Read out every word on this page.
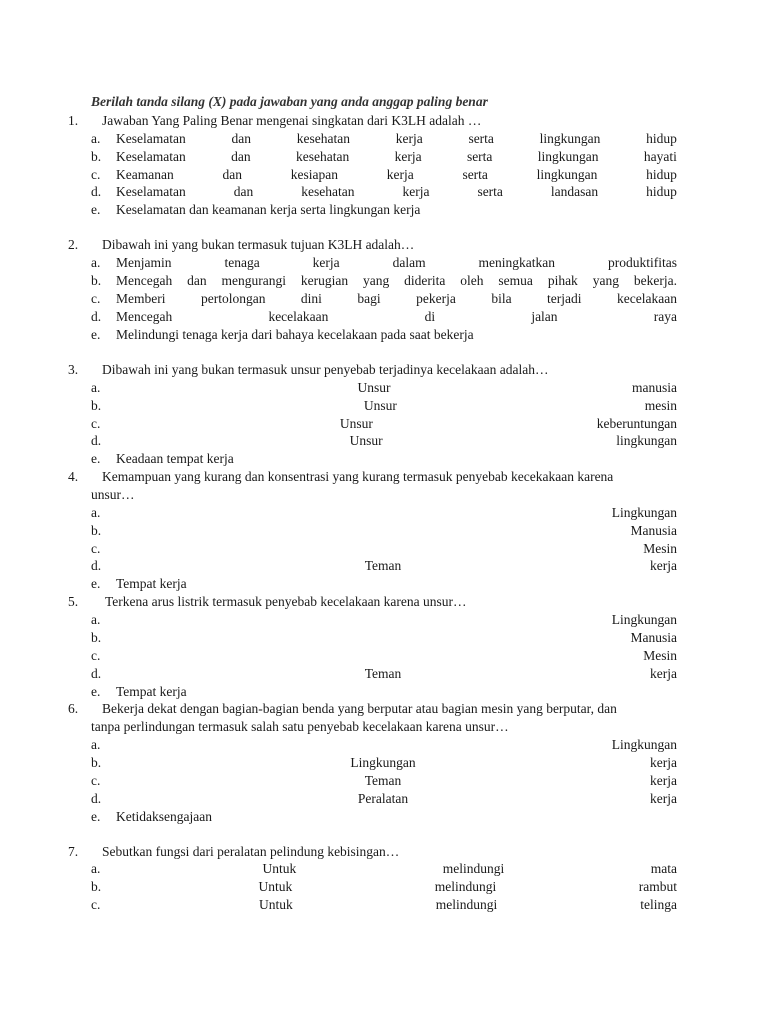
Berilah tanda silang (X) pada jawaban yang anda anggap paling benar
1. Jawaban Yang Paling Benar mengenai singkatan dari K3LH adalah …
a. Keselamatan	dan	kesehatan	kerja	serta	lingkungan	hidup
b. Keselamatan	dan	kesehatan	kerja	serta	lingkungan	hayati
c. Keamanan	dan	kesiapan	kerja	serta	lingkungan	hidup
d. Keselamatan	dan	kesehatan	kerja	serta	landasan	hidup
e. Keselamatan dan keamanan kerja serta lingkungan kerja
2. Dibawah ini yang bukan termasuk tujuan K3LH adalah…
a. Menjamin	tenaga	kerja	dalam	meningkatkan	produktifitas
b. Mencegah dan mengurangi kerugian yang diderita oleh semua pihak yang bekerja.
c. Memberi	pertolongan	dini	bagi	pekerja	bila	terjadi	kecelakaan
d. Mencegah	kecelakaan	di	jalan	raya
e. Melindungi tenaga kerja dari bahaya kecelakaan pada saat bekerja
3. Dibawah ini yang bukan termasuk unsur penyebab terjadinya kecelakaan adalah…
a.	Unsur	manusia
b.	Unsur	mesin
c.	Unsur	keberuntungan
d.	Unsur	lingkungan
e. Keadaan tempat kerja
4. Kemampuan yang kurang dan konsentrasi yang kurang termasuk penyebab kecekakaan karena
unsur…
a.	Lingkungan
b.	Manusia
c.	Mesin
d.	Teman	kerja
e. Tempat kerja
5. Terkena arus listrik termasuk penyebab kecelakaan karena unsur…
a.	Lingkungan
b.	Manusia
c.	Mesin
d.	Teman	kerja
e. Tempat kerja
6. Bekerja dekat dengan bagian-bagian benda yang berputar atau bagian mesin yang berputar, dan
tanpa perlindungan termasuk salah satu penyebab kecelakaan karena unsur…
a.	Lingkungan
b.	Lingkungan	kerja
c.	Teman	kerja
d.	Peralatan	kerja
e. Ketidaksengajaan
7. Sebutkan fungsi dari peralatan pelindung kebisingan…
a.	Untuk	melindungi	mata
b.	Untuk	melindungi	rambut
c.	Untuk	melindungi	telinga
